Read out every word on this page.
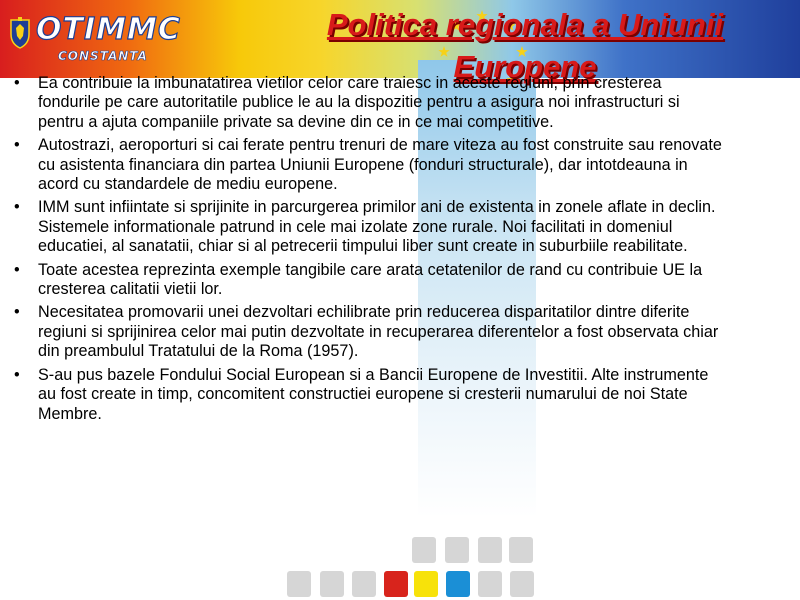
OTIMMC
CONSTANTA
Politica regionala a Uniunii Europene
• Ea contribuie la imbunatatirea vietilor celor care traiesc in aceste regiuni, prin cresterea fondurile pe care autoritatile publice le au la dispozitie pentru a asigura noi infrastructuri si pentru a ajuta companiile private sa devine din ce in ce mai competitive.
• Autostrazi, aeroporturi si cai ferate pentru trenuri de mare viteza au fost construite sau renovate cu asistenta financiara din partea Uniunii Europene (fonduri structurale), dar intotdeauna in acord cu standardele de mediu europene.
• IMM sunt infiintate si sprijinite in parcurgerea primilor ani de existenta in zonele aflate in declin. Sistemele informationale patrund in cele mai izolate zone rurale. Noi facilitati in domeniul educatiei, al sanatatii, chiar si al petrecerii timpului liber sunt create in suburbiile reabilitate.
• Toate acestea reprezinta exemple tangibile care arata cetatenilor de rand cu contribuie UE la cresterea calitatii vietii lor.
• Necesitatea promovarii unei dezvoltari echilibrate prin reducerea disparitatilor dintre diferite regiuni si sprijinirea celor mai putin dezvoltate in recuperarea diferentelor a fost observata chiar din preambulul Tratatului de la Roma (1957).
• S-au pus bazele Fondului Social European si a Bancii Europene de Investitii. Alte instrumente au fost create in timp, concomitent constructiei europene si cresterii numarului de noi State Membre.
